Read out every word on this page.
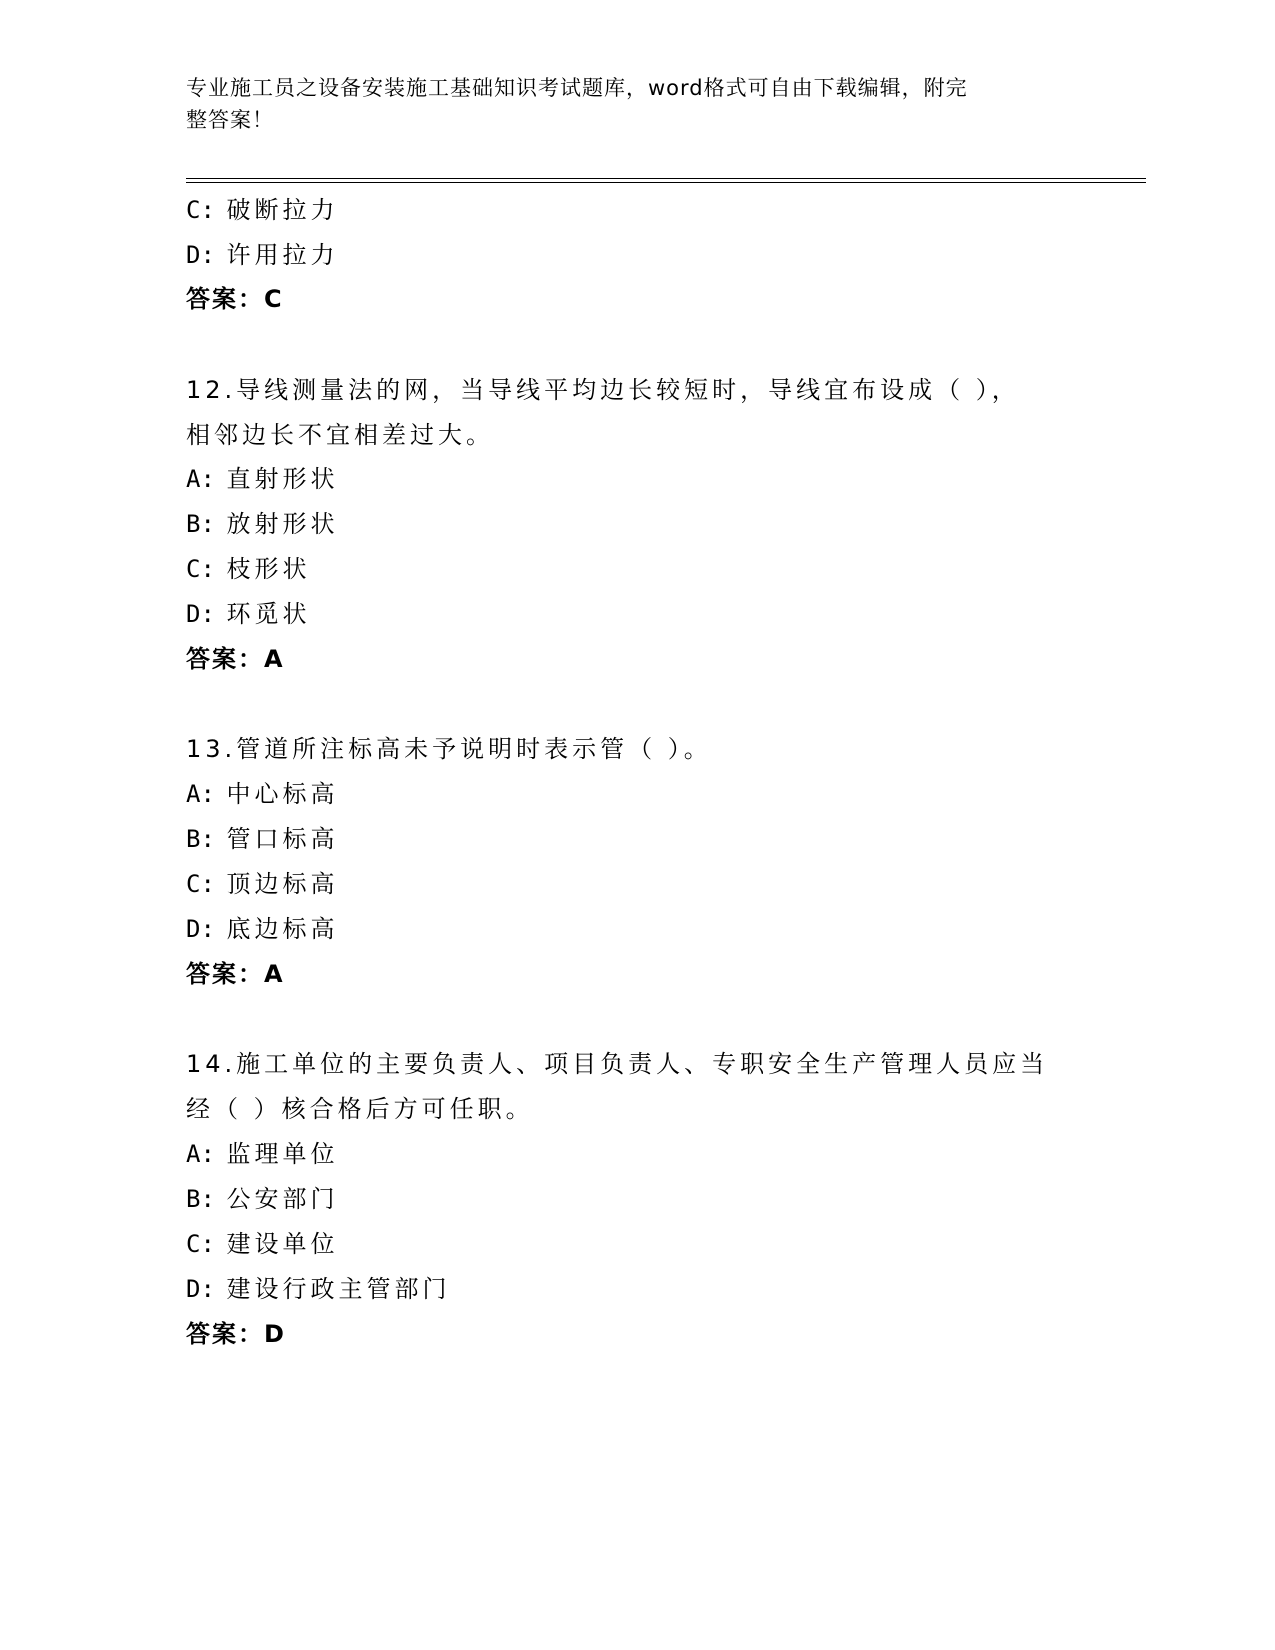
专业施工员之设备安装施工基础知识考试题库，word格式可自由下载编辑，附完
整答案！
C: 破断拉力
D: 许用拉力
答案：C
12.导线测量法的网，当导线平均边长较短时，导线宜布设成（ ），
相邻边长不宜相差过大。
A: 直射形状
B: 放射形状
C: 枝形状
D: 环觅状
答案：A
13.管道所注标高未予说明时表示管（ ）。
A: 中心标高
B: 管口标高
C: 顶边标高
D: 底边标高
答案：A
14.施工单位的主要负责人、项目负责人、专职安全生产管理人员应当
经（ ）核合格后方可任职。
A: 监理单位
B: 公安部门
C: 建设单位
D: 建设行政主管部门
答案：D
